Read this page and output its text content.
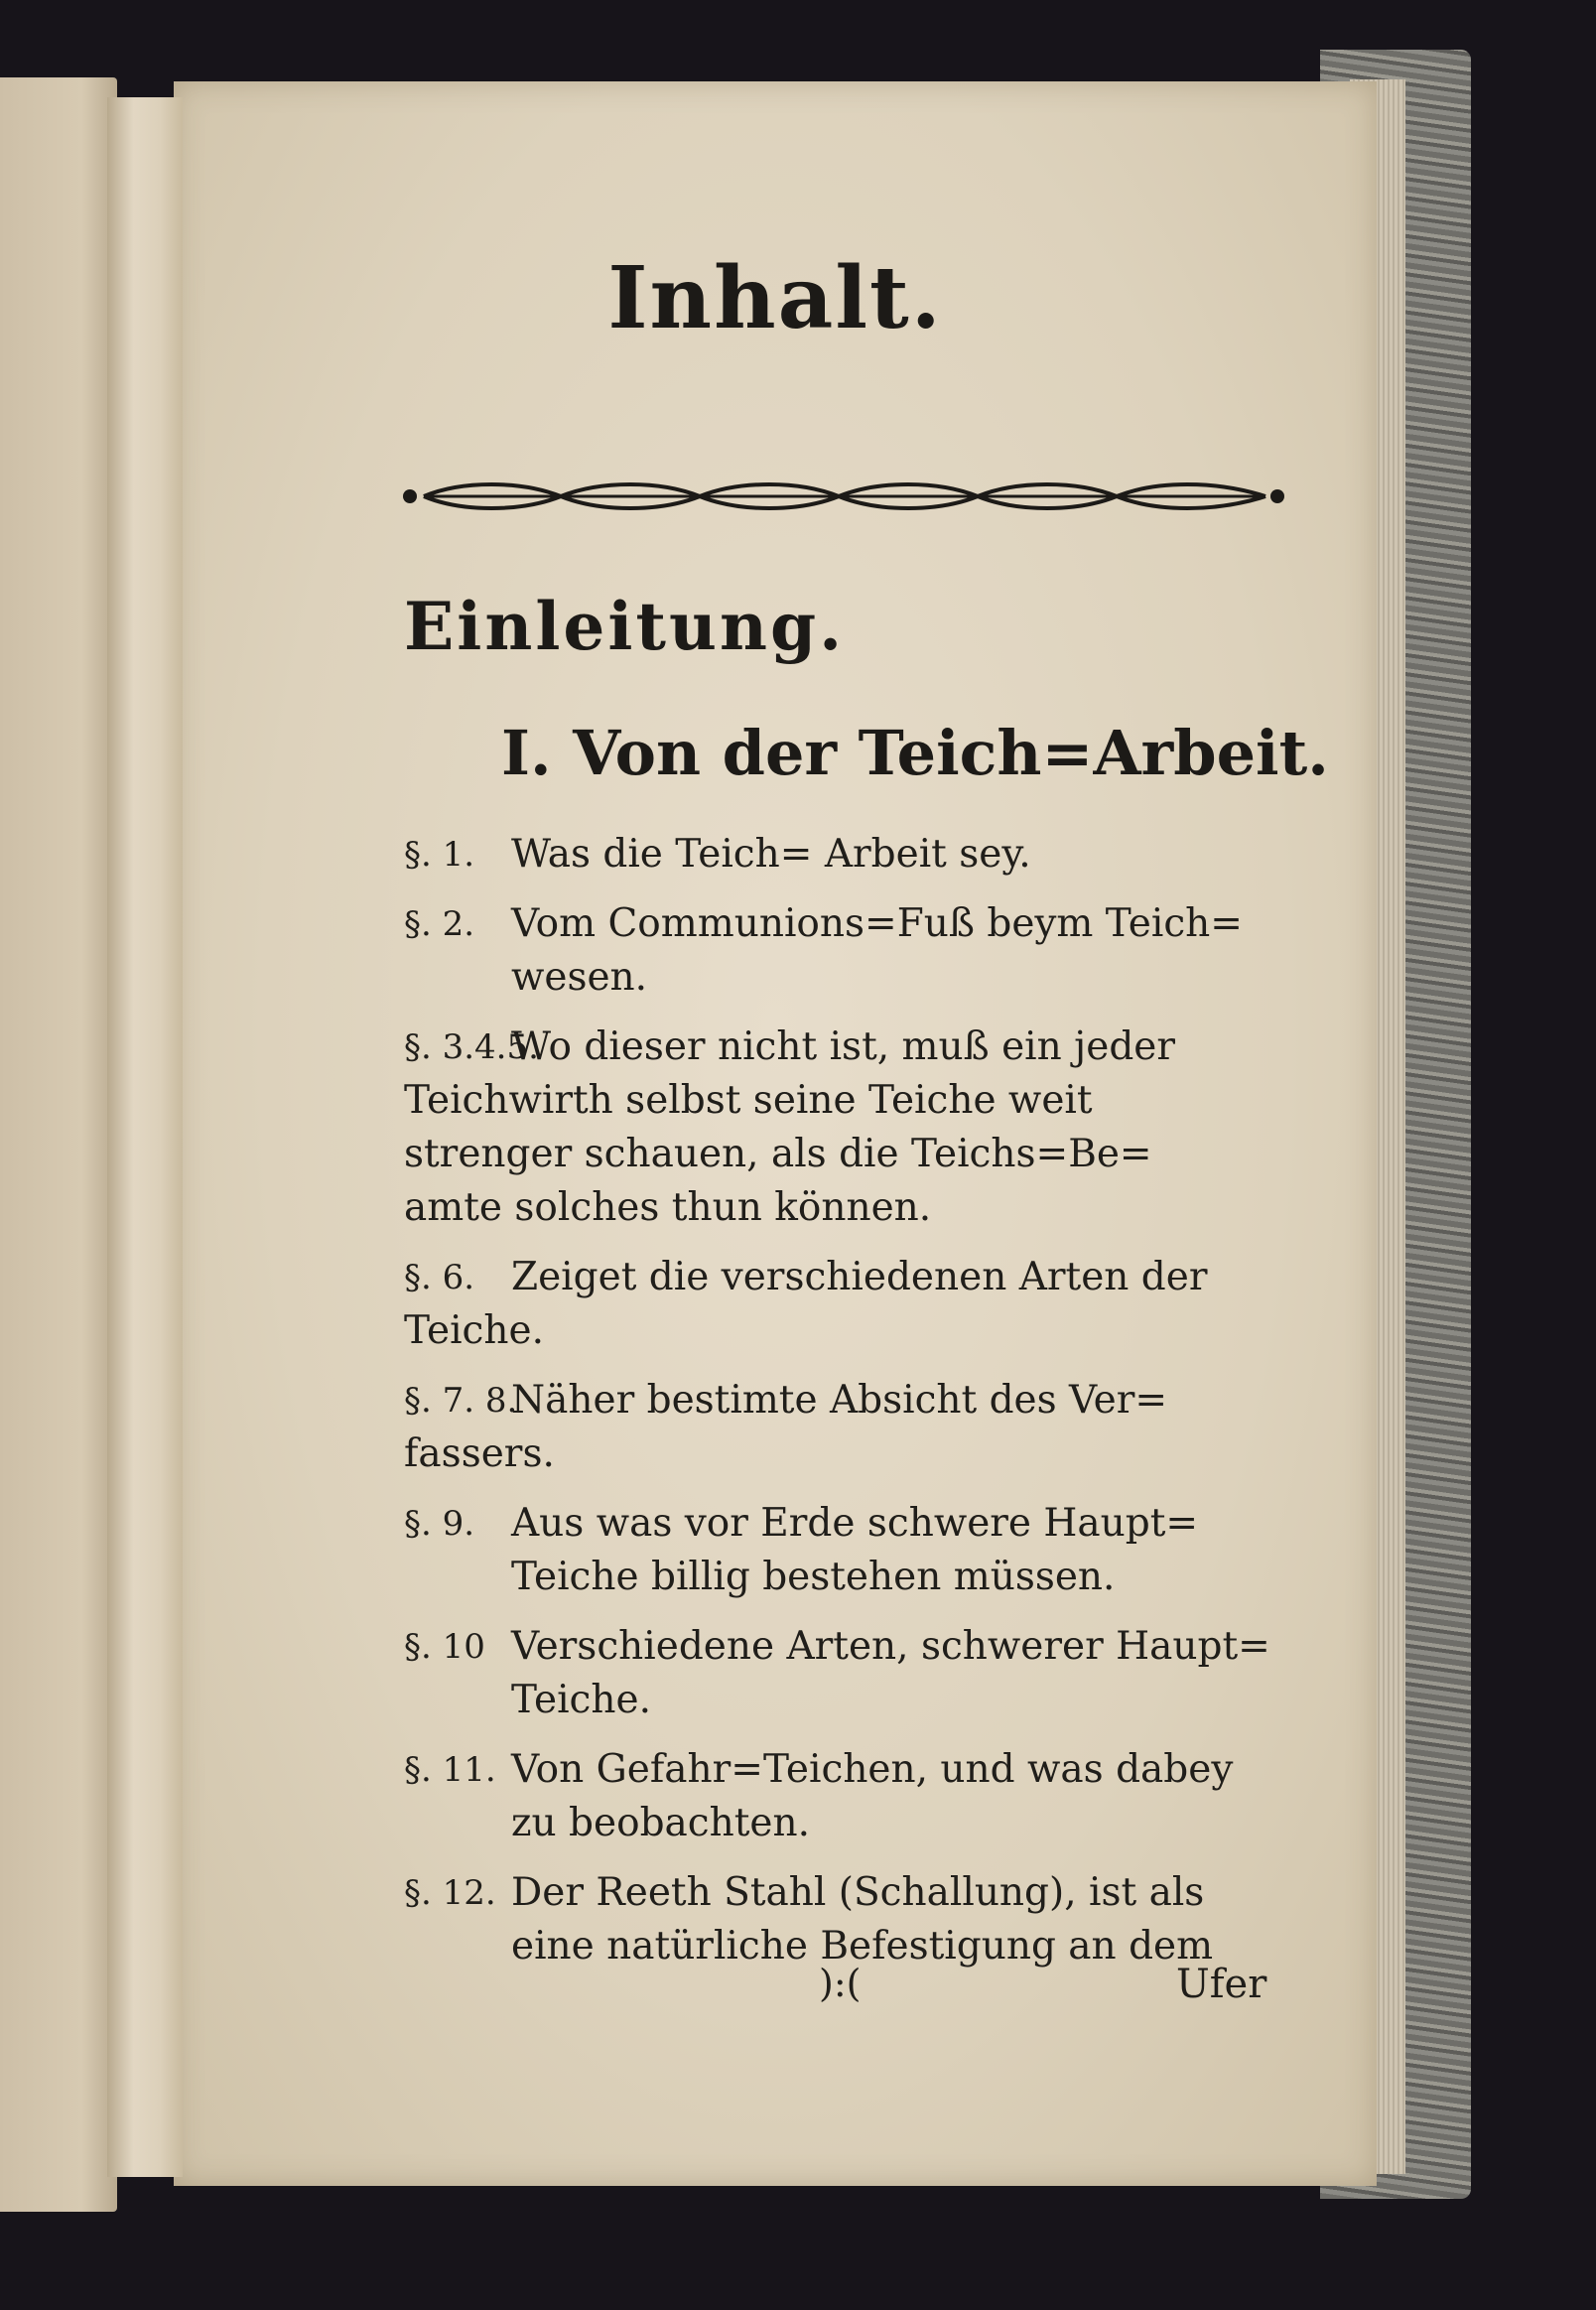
Inhalt.
Einleitung.
I. Von der Teich=Arbeit.
§. 1. Was die Teich= Arbeit sey.
§. 2. Vom Communions=Fuß beym Teich=
wesen.
§. 3.4.5.
Wo dieser nicht ist, muß ein jeder
Teichwirth selbst seine Teiche weit
strenger schauen, als die Teichs=Be=
amte solches thun können.
§. 6. Zeiget die verschiedenen Arten der
Teiche.
§. 7. 8.
Näher bestimte Absicht des Ver=
fassers.
§. 9. Aus was vor Erde schwere Haupt=
Teiche billig bestehen müssen.
§. 10 Verschiedene Arten, schwerer Haupt=
Teiche.
§. 11. Von Gefahr=Teichen, und was dabey
zu beobachten.
§. 12. Der Reeth Stahl (Schallung), ist als
eine natürliche Befestigung an dem
):(	Ufer
